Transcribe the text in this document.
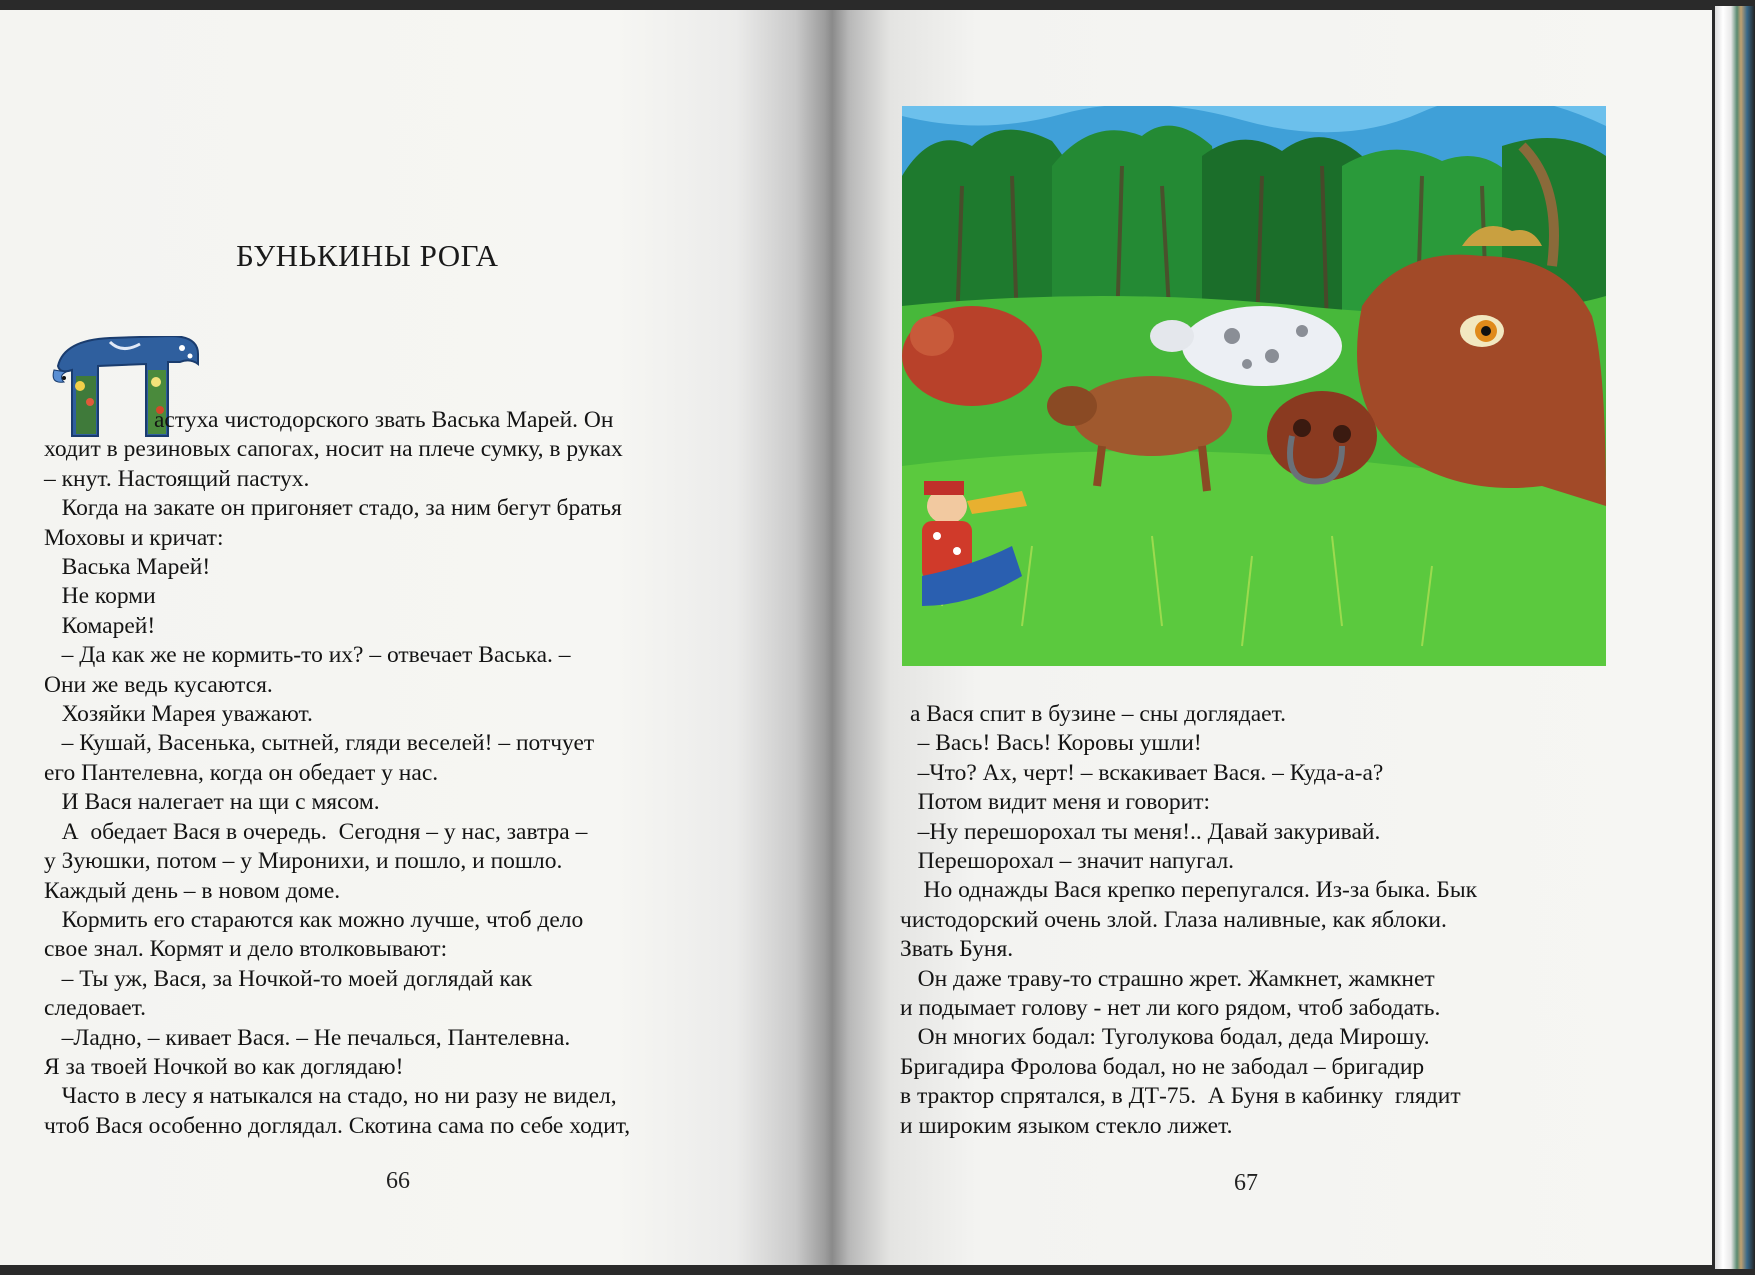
БУНЬКИНЫ РОГА
астуха чистодорского звать Васька Марей. Он
ходит в резиновых сапогах, носит на плече сумку, в руках
– кнут. Настоящий пастух.
Когда на закате он пригоняет стадо, за ним бегут братья
Моховы и кричат:
Васька Марей!
Не корми
Комарей!
– Да как же не кормить-то их? – отвечает Васька. –
Они же ведь кусаются.
Хозяйки Марея уважают.
– Кушай, Васенька, сытней, гляди веселей! – потчует
его Пантелевна, когда он обедает у нас.
И Вася налегает на щи с мясом.
А  обедает Вася в очередь.  Сегодня – у нас, завтра –
у Зуюшки, потом – у Миронихи, и пошло, и пошло.
Каждый день – в новом доме.
Кормить его стараются как можно лучше, чтоб дело
свое знал. Кормят и дело втолковывают:
– Ты уж, Вася, за Ночкой-то моей доглядай как
следовает.
–Ладно, – кивает Вася. – Не печалься, Пантелевна.
Я за твоей Ночкой во как доглядаю!
Часто в лесу я натыкался на стадо, но ни разу не видел,
чтоб Вася особенно доглядал. Скотина сама по себе ходит,
66
а Вася спит в бузине – сны доглядает.
– Вась! Вась! Коровы ушли!
–Что? Ах, черт! – вскакивает Вася. – Куда-а-а?
Потом видит меня и говорит:
–Ну перешорохал ты меня!.. Давай закуривай.
Перешорохал – значит напугал.
Но однажды Вася крепко перепугался. Из-за быка. Бык
чистодорский очень злой. Глаза наливные, как яблоки.
Звать Буня.
Он даже траву-то страшно жрет. Жамкнет, жамкнет
и подымает голову - нет ли кого рядом, чтоб забодать.
Он многих бодал: Туголукова бодал, деда Мирошу.
Бригадира Фролова бодал, но не забодал – бригадир
в трактор спрятался, в ДТ-75.  А Буня в кабинку  глядит
и широким языком стекло лижет.
67
